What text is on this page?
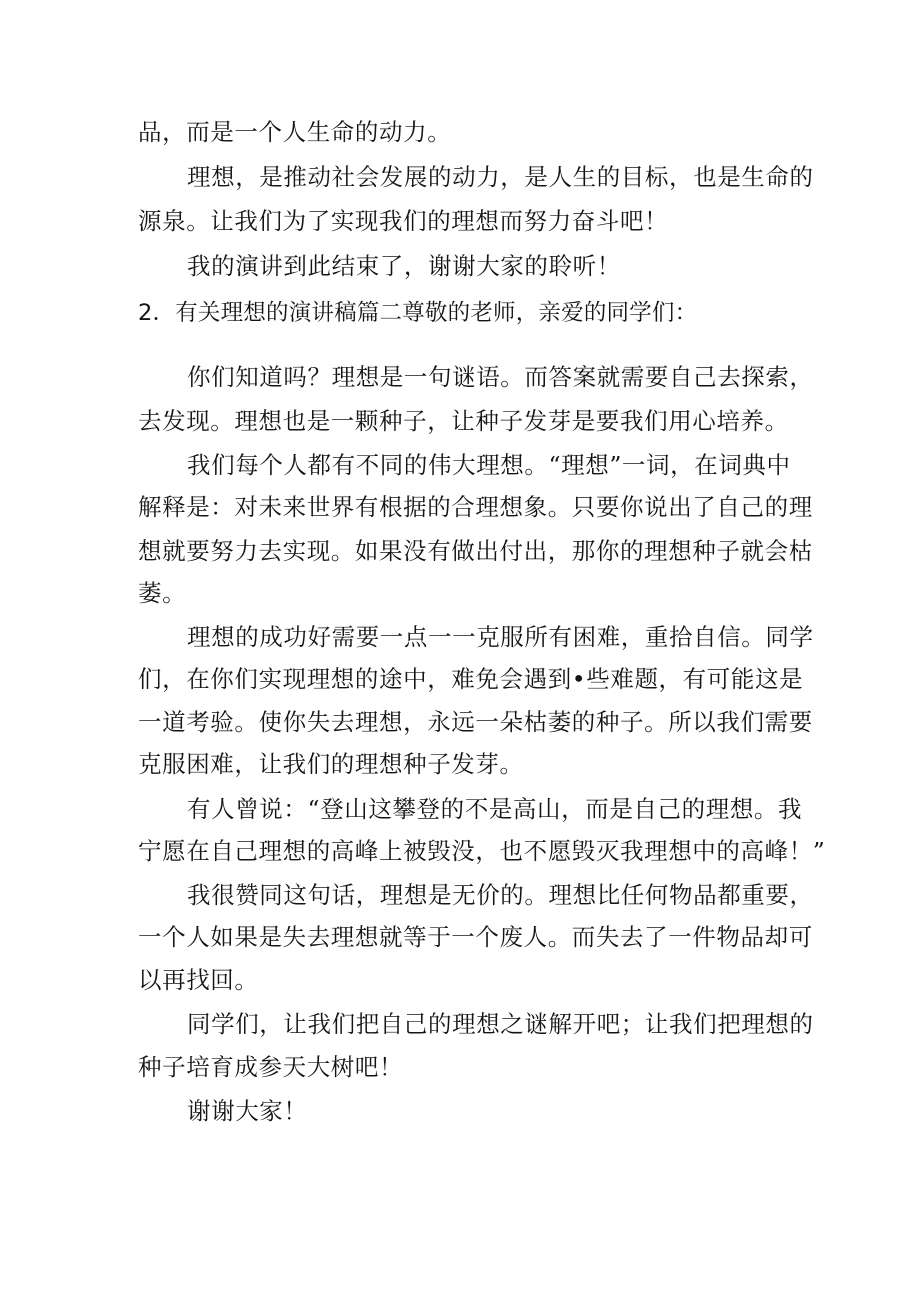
品，而是一个人生命的动力。
理想，是推动社会发展的动力，是人生的目标，也是生命的
源泉。让我们为了实现我们的理想而努力奋斗吧！
我的演讲到此结束了，谢谢大家的聆听！
2．有关理想的演讲稿篇二尊敬的老师，亲爱的同学们：
你们知道吗？理想是一句谜语。而答案就需要自己去探索，
去发现。理想也是一颗种子，让种子发芽是要我们用心培养。
我们每个人都有不同的伟大理想。“理想”一词，在词典中
解释是：对未来世界有根据的合理想象。只要你说出了自己的理
想就要努力去实现。如果没有做出付出，那你的理想种子就会枯
萎。
理想的成功好需要一点一一克服所有困难，重拾自信。同学
们，在你们实现理想的途中，难免会遇到•些难题，有可能这是
一道考验。使你失去理想，永远一朵枯萎的种子。所以我们需要
克服困难，让我们的理想种子发芽。
有人曾说：“登山这攀登的不是高山，而是自己的理想。我
宁愿在自己理想的高峰上被毁没，也不愿毁灭我理想中的高峰！”
我很赞同这句话，理想是无价的。理想比任何物品都重要，
一个人如果是失去理想就等于一个废人。而失去了一件物品却可
以再找回。
同学们，让我们把自己的理想之谜解开吧；让我们把理想的
种子培育成参天大树吧！
谢谢大家！
